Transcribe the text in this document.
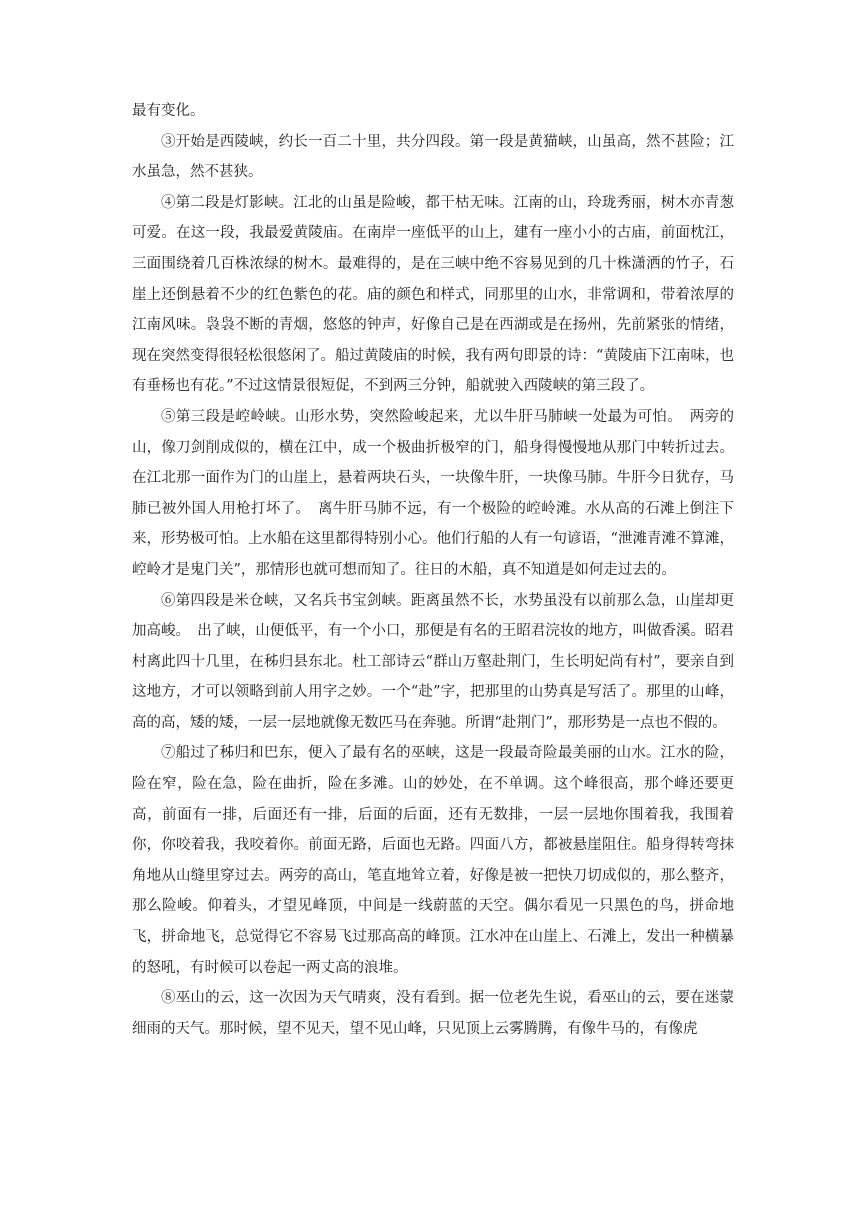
最有变化。

③开始是西陵峡，约长一百二十里，共分四段。第一段是黄猫峡，山虽高，然不甚险；江水虽急，然不甚狭。

④第二段是灯影峡。江北的山虽是险峻，都干枯无味。江南的山，玲珑秀丽，树木亦青葱可爱。在这一段，我最爱黄陵庙。在南岸一座低平的山上，建有一座小小的古庙，前面枕江，三面围绕着几百株浓绿的树木。最难得的，是在三峡中绝不容易见到的几十株潇洒的竹子，石崖上还倒悬着不少的红色紫色的花。庙的颜色和样式，同那里的山水，非常调和，带着浓厚的江南风味。袅袅不断的青烟，悠悠的钟声，好像自己是在西湖或是在扬州，先前紧张的情绪，现在突然变得很轻松很悠闲了。船过黄陵庙的时候，我有两句即景的诗：“黄陵庙下江南味，也有垂杨也有花。”不过这情景很短促，不到两三分钟，船就驶入西陵峡的第三段了。

⑤第三段是崆岭峡。山形水势，突然险峻起来，尤以牛肝马肺峡一处最为可怕。　两旁的山，像刀剑削成似的，横在江中，成一个极曲折极窄的门，船身得慢慢地从那门中转折过去。在江北那一面作为门的山崖上，悬着两块石头，一块像牛肝，一块像马肺。牛肝今日犹存，马肺已被外国人用枪打坏了。　离牛肝马肺不远，有一个极险的崆岭滩。水从高的石滩上倒注下来，形势极可怕。上水船在这里都得特别小心。他们行船的人有一句谚语，“泄滩青滩不算滩，崆岭才是鬼门关”，那情形也就可想而知了。往日的木船，真不知道是如何走过去的。

⑥第四段是米仓峡，又名兵书宝剑峡。距离虽然不长，水势虽没有以前那么急，山崖却更加高峻。　出了峡，山便低平，有一个小口，那便是有名的王昭君浣妆的地方，叫做香溪。昭君村离此四十几里，在秭归县东北。杜工部诗云“群山万壑赴荆门，生长明妃尚有村”，要亲自到这地方，才可以领略到前人用字之妙。一个“赴”字，把那里的山势真是写活了。那里的山峰，高的高，矮的矮，一层一层地就像无数匹马在奔驰。所谓“赴荆门”，那形势是一点也不假的。

⑦船过了秭归和巴东，便入了最有名的巫峡，这是一段最奇险最美丽的山水。江水的险，险在窄，险在急，险在曲折，险在多滩。山的妙处，在不单调。这个峰很高，那个峰还要更高，前面有一排，后面还有一排，后面的后面，还有无数排，一层一层地你围着我，我围着你，你咬着我，我咬着你。前面无路，后面也无路。四面八方，都被悬崖阻住。船身得转弯抹角地从山缝里穿过去。两旁的高山，笔直地耸立着，好像是被一把快刀切成似的，那么整齐，那么险峻。仰着头，才望见峰顶，中间是一线蔚蓝的天空。偶尔看见一只黑色的鸟，拼命地飞，拼命地飞，总觉得它不容易飞过那高高的峰顶。江水冲在山崖上、石滩上，发出一种横暴的怒吼，有时候可以卷起一两丈高的浪堆。

⑧巫山的云，这一次因为天气晴爽，没有看到。据一位老先生说，看巫山的云，要在迷蒙细雨的天气。那时候，望不见天，望不见山峰，只见顶上云雾腾腾，有像牛马的，有像虎
